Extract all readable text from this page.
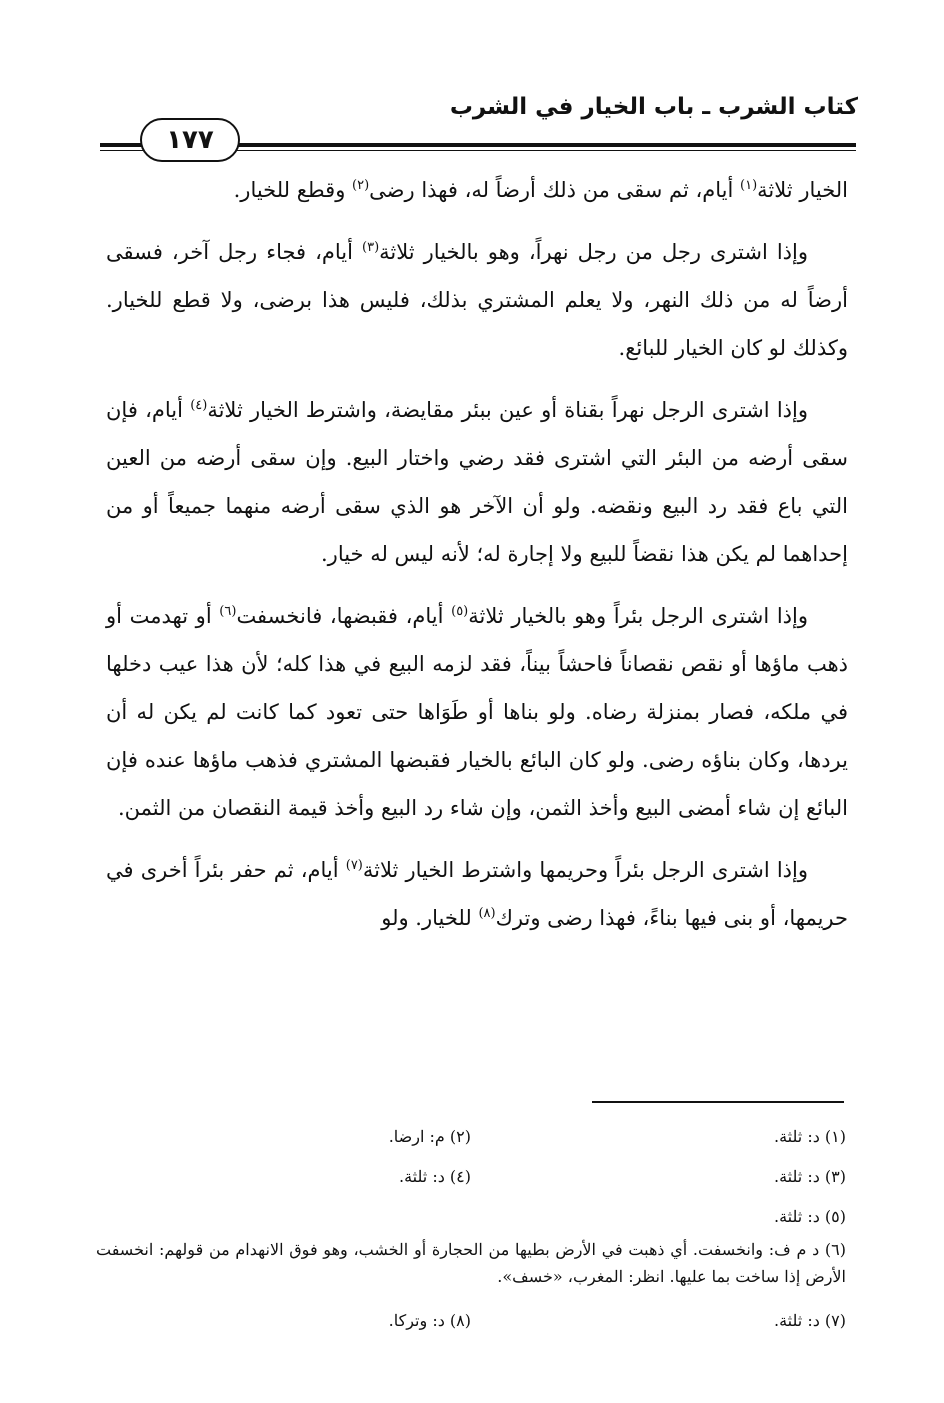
كتاب الشرب ـ باب الخيار في الشرب
١٧٧

الخيار ثلاثة$^{(١)}$ أيام، ثم سقى من ذلك أرضاً له، فهذا رضى$^{(٢)}$ وقطع للخيار.

وإذا اشترى رجل من رجل نهراً، وهو بالخيار ثلاثة$^{(٣)}$ أيام، فجاء رجل آخر، فسقى أرضاً له من ذلك النهر، ولا يعلم المشتري بذلك، فليس هذا برضى، ولا قطع للخيار. وكذلك لو كان الخيار للبائع.

وإذا اشترى الرجل نهراً بقناة أو عين ببئر مقايضة، واشترط الخيار ثلاثة$^{(٤)}$ أيام، فإن سقى أرضه من البئر التي اشترى فقد رضي واختار البيع. وإن سقى أرضه من العين التي باع فقد رد البيع ونقضه. ولو أن الآخر هو الذي سقى أرضه منهما جميعاً أو من إحداهما لم يكن هذا نقضاً للبيع ولا إجارة له؛ لأنه ليس له خيار.

وإذا اشترى الرجل بئراً وهو بالخيار ثلاثة$^{(٥)}$ أيام، فقبضها، فانخسفت$^{(٦)}$ أو تهدمت أو ذهب ماؤها أو نقص نقصاناً فاحشاً بيناً، فقد لزمه البيع في هذا كله؛ لأن هذا عيب دخلها في ملكه، فصار بمنزلة رضاه. ولو بناها أو طَوَاها حتى تعود كما كانت لم يكن له أن يردها، وكان بناؤه رضى. ولو كان البائع بالخيار فقبضها المشتري فذهب ماؤها عنده فإن البائع إن شاء أمضى البيع وأخذ الثمن، وإن شاء رد البيع وأخذ قيمة النقصان من الثمن.

وإذا اشترى الرجل بئراً وحريمها واشترط الخيار ثلاثة$^{(٧)}$ أيام، ثم حفر بئراً أخرى في حريمها، أو بنى فيها بناءً، فهذا رضى وترك$^{(٨)}$ للخيار. ولو

(١) د: ثلثة.
(٢) م: ارضا.
(٣) د: ثلثة.
(٤) د: ثلثة.
(٥) د: ثلثة.

(٦) د م ف: وانخسفت. أي ذهبت في الأرض بطيها من الحجارة أو الخشب، وهو فوق الانهدام من قولهم: انخسفت الأرض إذا ساخت بما عليها. انظر: المغرب، «خسف».

(٧) د: ثلثة.
(٨) د: وتركا.
